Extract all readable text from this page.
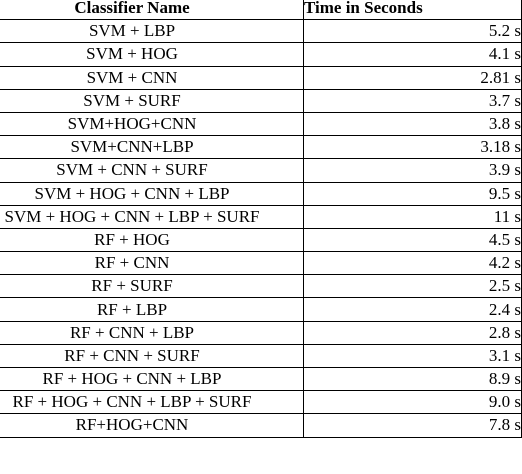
Classifier Name	Time in Seconds
SVM + LBP	5.2 s
SVM + HOG	4.1 s
SVM + CNN	2.81 s
SVM + SURF	3.7 s
SVM+HOG+CNN	3.8 s
SVM+CNN+LBP	3.18 s
SVM + CNN + SURF	3.9 s
SVM + HOG + CNN + LBP	9.5 s
SVM + HOG + CNN + LBP + SURF	11 s
RF + HOG	4.5 s
RF + CNN	4.2 s
RF + SURF	2.5 s
RF + LBP	2.4 s
RF + CNN + LBP	2.8 s
RF + CNN + SURF	3.1 s
RF + HOG + CNN + LBP	8.9 s
RF + HOG + CNN + LBP + SURF	9.0 s
RF+HOG+CNN	7.8 s
